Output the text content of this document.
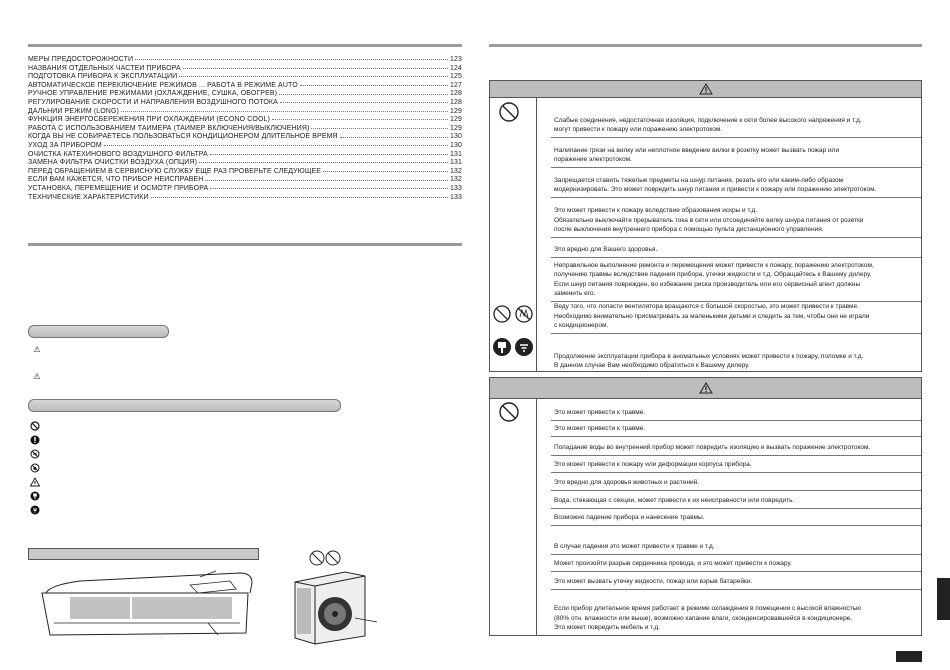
МЕРЫ ПРЕДОСТОРОЖНОСТИ	123
НАЗВАНИЯ ОТДЕЛЬНЫХ ЧАСТЕЙ ПРИБОРА	124
ПОДГОТОВКА ПРИБОРА К ЭКСПЛУАТАЦИИ	125
АВТОМАТИЧЕСКОЕ ПЕРЕКЛЮЧЕНИЕ РЕЖИМОВ ... РАБОТА В РЕЖИМЕ AUTO	127
РУЧНОЕ УПРАВЛЕНИЕ РЕЖИМАМИ (ОХЛАЖДЕНИЕ, СУШКА, ОБОГРЕВ)	128
РЕГУЛИРОВАНИЕ СКОРОСТИ И НАПРАВЛЕНИЯ ВОЗДУШНОГО ПОТОКА	128
ДАЛЬНИЙ РЕЖИМ (LONG)	129
ФУНКЦИЯ ЭНЕРГОСБЕРЕЖЕНИЯ ПРИ ОХЛАЖДЕНИИ (ECONO COOL)	129
РАБОТА С ИСПОЛЬЗОВАНИЕМ ТАЙМЕРА (ТАЙМЕР ВКЛЮЧЕНИЯ/ВЫКЛЮЧЕНИЯ)	129
КОГДА ВЫ НЕ СОБИРАЕТЕСЬ ПОЛЬЗОВАТЬСЯ КОНДИЦИОНЕРОМ ДЛИТЕЛЬНОЕ ВРЕМЯ	130
УХОД ЗА ПРИБОРОМ	130
ОЧИСТКА КАТЕХИНОВОГО ВОЗДУШНОГО ФИЛЬТРА	131
ЗАМЕНА ФИЛЬТРА ОЧИСТКИ ВОЗДУХА (ОПЦИЯ)	131
ПЕРЕД ОБРАЩЕНИЕМ В СЕРВИСНУЮ СЛУЖБУ ЕЩЕ РАЗ ПРОВЕРЬТЕ СЛЕДУЮЩЕЕ	132
ЕСЛИ ВАМ КАЖЕТСЯ, ЧТО ПРИБОР НЕИСПРАВЕН	132
УСТАНОВКА, ПЕРЕМЕЩЕНИЕ И ОСМОТР ПРИБОРА	133
ТЕХНИЧЕСКИЕ ХАРАКТЕРИСТИКИ	133
⚠
⚠
Слабые соединения, недостаточная изоляция, подключение к сети более высокого напряжения и т.д.
могут привести к пожару или поражению электротоком.
Налипание грязи на вилку или неплотное введение вилки в розетку может вызвать пожар или
поражение электротоком.
Запрещается ставить тяжелые предметы на шнур питания, резать его или каким-либо образом
модернизировать. Это может повредить шнур питания и привести к пожару или поражению электротоком.
Это может привести к пожару вследствие образования искры и т.д.
Обязательно выключайте прерыватель тока в сети или отсоединяйте вилку шнура питания от розетки
после выключения внутреннего прибора с помощью пульта дистанционного управления.
Это вредно для Вашего здоровья.
Неправильное выполнение ремонта и перемещения может привести к пожару, поражению электротоком,
получению травмы вследствие падения прибора, утечки жидкости и т.д. Обращайтесь к Вашему дилеру.
Если шнур питания поврежден, во избежание риска производитель или его сервисный агент должны
заменить его.
Веду того, что лопасти вентилятора вращаются с большой скоростью, это может привести к травме.
Необходимо внимательно присматривать за маленькими детьми и следить за тем, чтобы они не играли
с кондиционером.
Продолжение эксплуатации прибора в аномальных условиях может привести к пожару, поломке и т.д.
В данном случае Вам необходимо обратиться к Вашему дилеру.
Это может привести к травме.
Это может привести к травме.
Попадание воды во внутренний прибор может повредить изоляцию и вызвать поражение электротоком.
Это может привести к пожару или деформации корпуса прибора.
Это вредно для здоровья животных и растений.
Вода, стекающая с секции, может привести к их неисправности или повредить.
Возможно падение прибора и нанесение травмы.
В случае падения это может привести к травме и т.д.
Может произойти разрыв сердечника провода, и это может привести к пожару.
Это может вызвать утечку жидкости, пожар или взрыв батарейки.
Если прибор длительное время работает в режиме охлаждения в помещении с высокой влажностью
(80% отн. влажности или выше), возможно капание влаги, сконденсировавшейся в кондиционере.
Это может повредить мебель и т.д.
